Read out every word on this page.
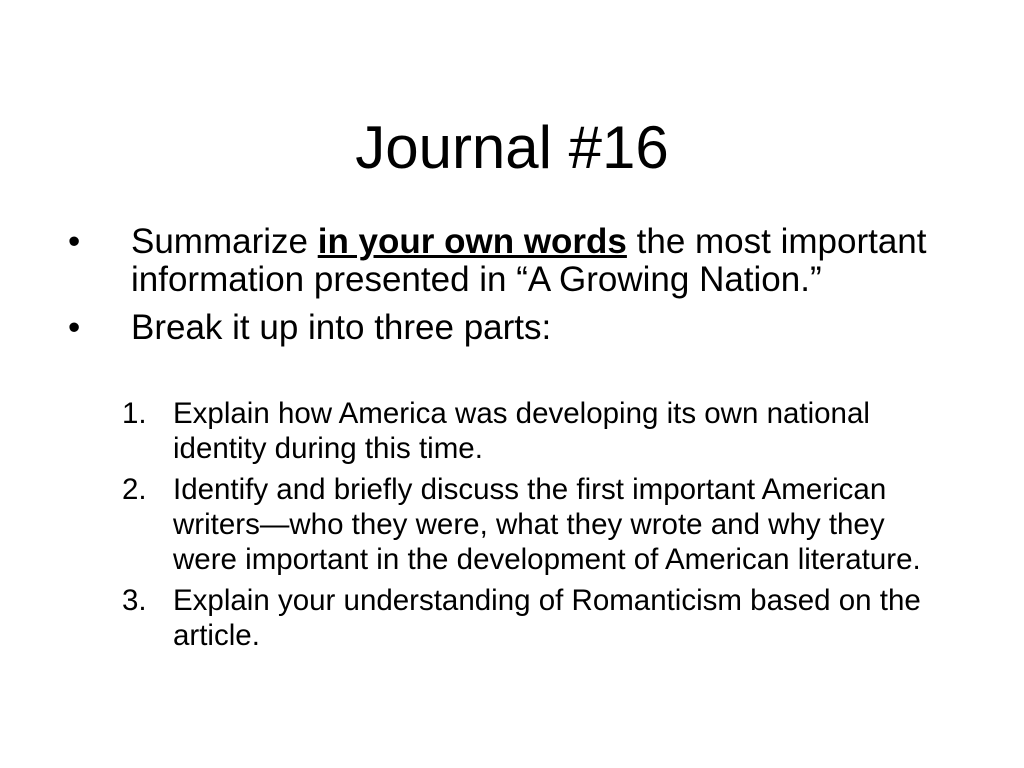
Journal #16
•	Summarize in your own words the most important information presented in “A Growing Nation.”
•	Break it up into three parts:
1. Explain how America was developing its own national identity during this time.
2. Identify and briefly discuss the first important American writers—who they were, what they wrote and why they were important in the development of American literature.
3. Explain your understanding of Romanticism based on the article.
